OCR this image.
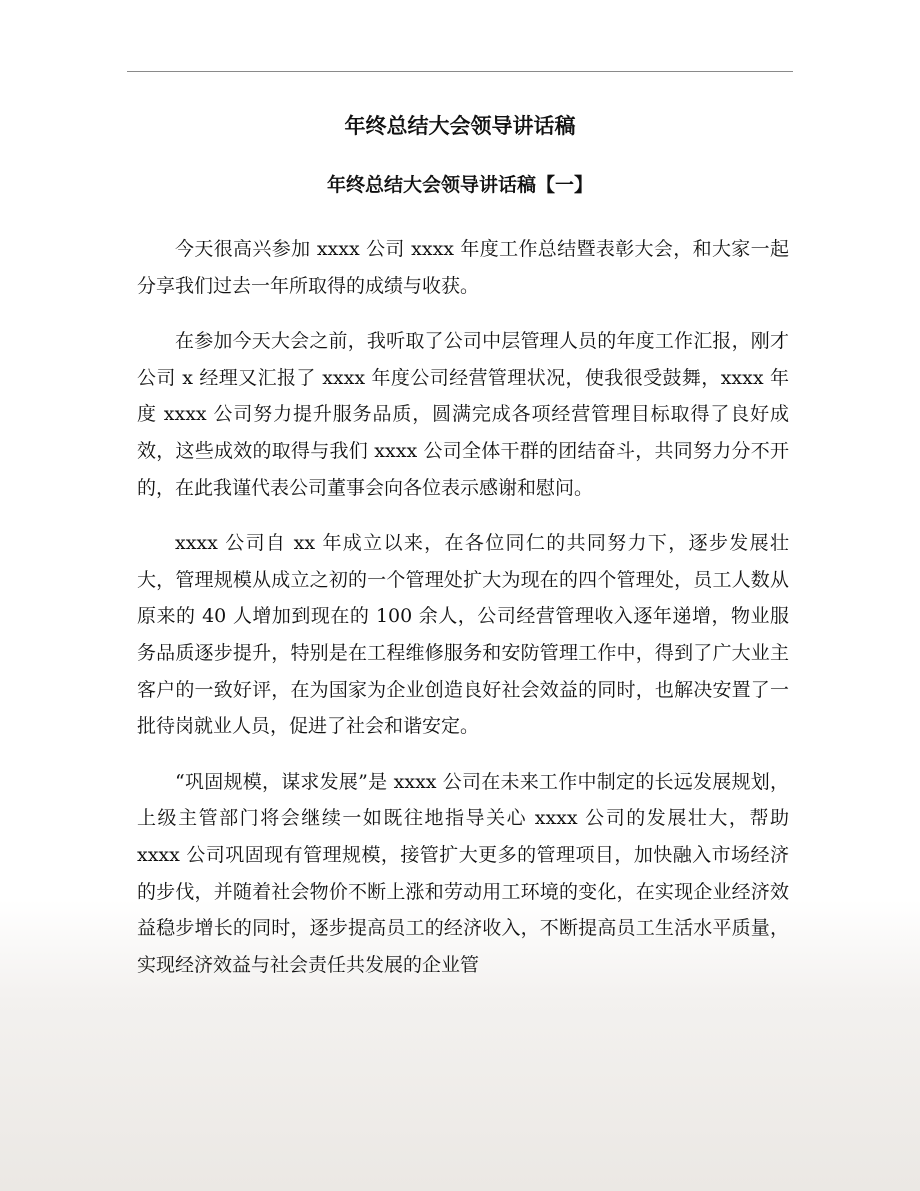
年终总结大会领导讲话稿
年终总结大会领导讲话稿【一】

今天很高兴参加 xxxx 公司 xxxx 年度工作总结暨表彰大会，和大家一起分享我们过去一年所取得的成绩与收获。

在参加今天大会之前，我听取了公司中层管理人员的年度工作汇报，刚才公司 x 经理又汇报了 xxxx 年度公司经营管理状况，使我很受鼓舞，xxxx 年度 xxxx 公司努力提升服务品质，圆满完成各项经营管理目标取得了良好成效，这些成效的取得与我们 xxxx 公司全体干群的团结奋斗，共同努力分不开的，在此我谨代表公司董事会向各位表示感谢和慰问。

xxxx 公司自 xx 年成立以来，在各位同仁的共同努力下，逐步发展壮大，管理规模从成立之初的一个管理处扩大为现在的四个管理处，员工人数从原来的 40 人增加到现在的 100 余人，公司经营管理收入逐年递增，物业服务品质逐步提升，特别是在工程维修服务和安防管理工作中，得到了广大业主客户的一致好评，在为国家为企业创造良好社会效益的同时，也解决安置了一批待岗就业人员，促进了社会和谐安定。

“巩固规模，谋求发展”是 xxxx 公司在未来工作中制定的长远发展规划，上级主管部门将会继续一如既往地指导关心 xxxx 公司的发展壮大，帮助 xxxx 公司巩固现有管理规模，接管扩大更多的管理项目，加快融入市场经济的步伐，并随着社会物价不断上涨和劳动用工环境的变化，在实现企业经济效益稳步增长的同时，逐步提高员工的经济收入，不断提高员工生活水平质量，实现经济效益与社会责任共发展的企业管
